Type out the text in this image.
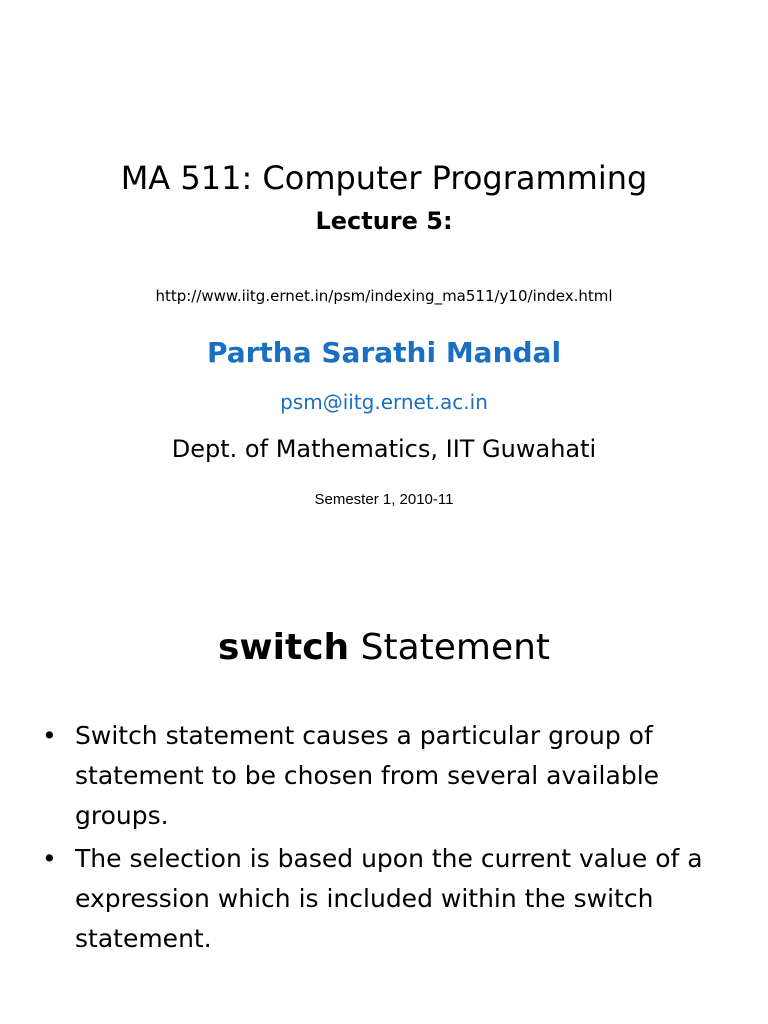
MA 511: Computer Programming
Lecture 5:
http://www.iitg.ernet.in/psm/indexing_ma511/y10/index.html
Partha Sarathi Mandal
psm@iitg.ernet.ac.in
Dept. of Mathematics, IIT Guwahati
Semester 1, 2010-11
switch Statement
• Switch statement causes a particular group of statement to be chosen from several available groups.
• The selection is based upon the current value of a expression which is included within the switch statement.
